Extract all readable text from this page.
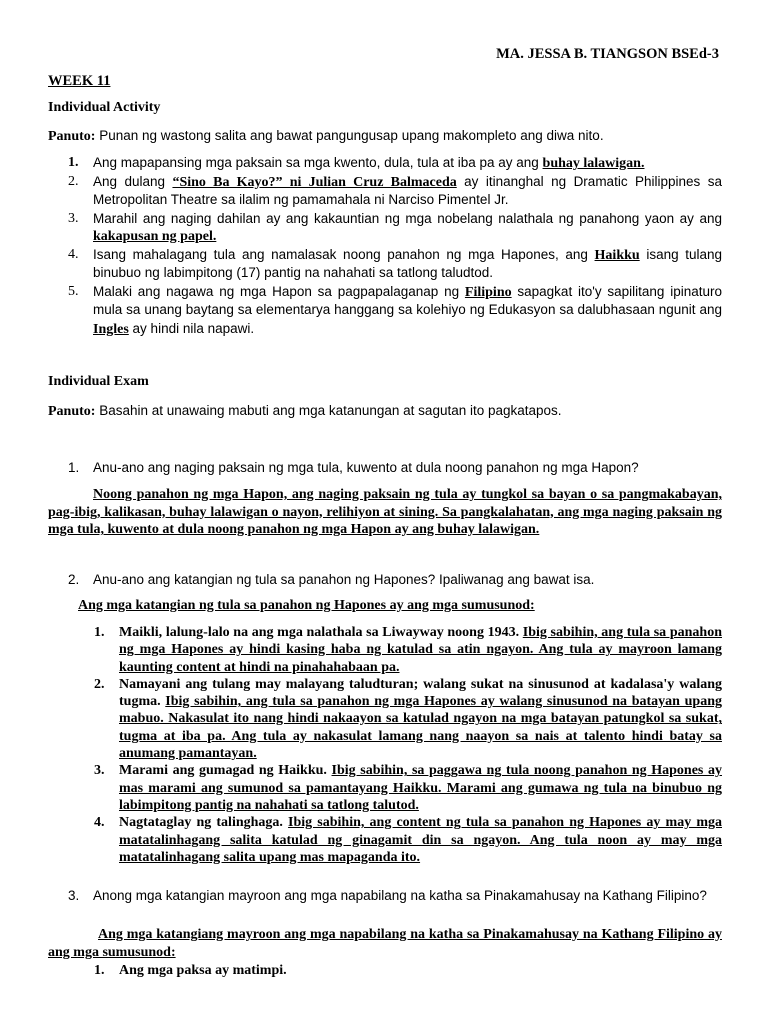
MA. JESSA B. TIANGSON BSEd-3
WEEK 11
Individual Activity
Panuto: Punan ng wastong salita ang bawat pangungusap upang makompleto ang diwa nito.
1. Ang mapapansing mga paksain sa mga kwento, dula, tula at iba pa ay ang buhay lalawigan.
2. Ang dulang “Sino Ba Kayo?” ni Julian Cruz Balmaceda ay itinanghal ng Dramatic Philippines sa Metropolitan Theatre sa ilalim ng pamamahala ni Narciso Pimentel Jr.
3. Marahil ang naging dahilan ay ang kakauntian ng mga nobelang nalathala ng panahong yaon ay ang kakapusan ng papel.
4. Isang mahalagang tula ang namalasak noong panahon ng mga Hapones, ang Haikku isang tulang binubuo ng labimpitong (17) pantig na nahahati sa tatlong taludtod.
5. Malaki ang nagawa ng mga Hapon sa pagpapalaganap ng Filipino sapagkat ito'y sapilitang ipinaturo mula sa unang baytang sa elementarya hanggang sa kolehiyo ng Edukasyon sa dalubhasaan ngunit ang Ingles ay hindi nila napawi.
Individual Exam
Panuto: Basahin at unawaing mabuti ang mga katanungan at sagutan ito pagkatapos.
1. Anu-ano ang naging paksain ng mga tula, kuwento at dula noong panahon ng mga Hapon?
Noong panahon ng mga Hapon, ang naging paksain ng tula ay tungkol sa bayan o sa pangmakabayan, pag-ibig, kalikasan, buhay lalawigan o nayon, relihiyon at sining. Sa pangkalahatan, ang mga naging paksain ng mga tula, kuwento at dula noong panahon ng mga Hapon ay ang buhay lalawigan.
2. Anu-ano ang katangian ng tula sa panahon ng Hapones? Ipaliwanag ang bawat isa.
Ang mga katangian ng tula sa panahon ng Hapones ay ang mga sumusunod:
1. Maikli, lalung-lalo na ang mga nalathala sa Liwayway noong 1943. Ibig sabihin, ang tula sa panahon ng mga Hapones ay hindi kasing haba ng katulad sa atin ngayon. Ang tula ay mayroon lamang kaunting content at hindi na pinahahabaan pa.
2. Namayani ang tulang may malayang taludturan; walang sukat na sinusunod at kadalasa'y walang tugma. Ibig sabihin, ang tula sa panahon ng mga Hapones ay walang sinusunod na batayan upang mabuo. Nakasulat ito nang hindi nakaayon sa katulad ngayon na mga batayan patungkol sa sukat, tugma at iba pa. Ang tula ay nakasulat lamang nang naayon sa nais at talento hindi batay sa anumang pamantayan.
3. Marami ang gumagad ng Haikku. Ibig sabihin, sa paggawa ng tula noong panahon ng Hapones ay mas marami ang sumunod sa pamantayang Haikku. Marami ang gumawa ng tula na binubuo ng labimpitong pantig na nahahati sa tatlong talutod.
4. Nagtataglay ng talinghaga. Ibig sabihin, ang content ng tula sa panahon ng Hapones ay may mga matatalinhagang salita katulad ng ginagamit din sa ngayon. Ang tula noon ay may mga matatalinhagang salita upang mas mapaganda ito.
3. Anong mga katangian mayroon ang mga napabilang na katha sa Pinakamahusay na Kathang Filipino?
Ang mga katangiang mayroon ang mga napabilang na katha sa Pinakamahusay na Kathang Filipino ay ang mga sumusunod:
1. Ang mga paksa ay matimpi.
